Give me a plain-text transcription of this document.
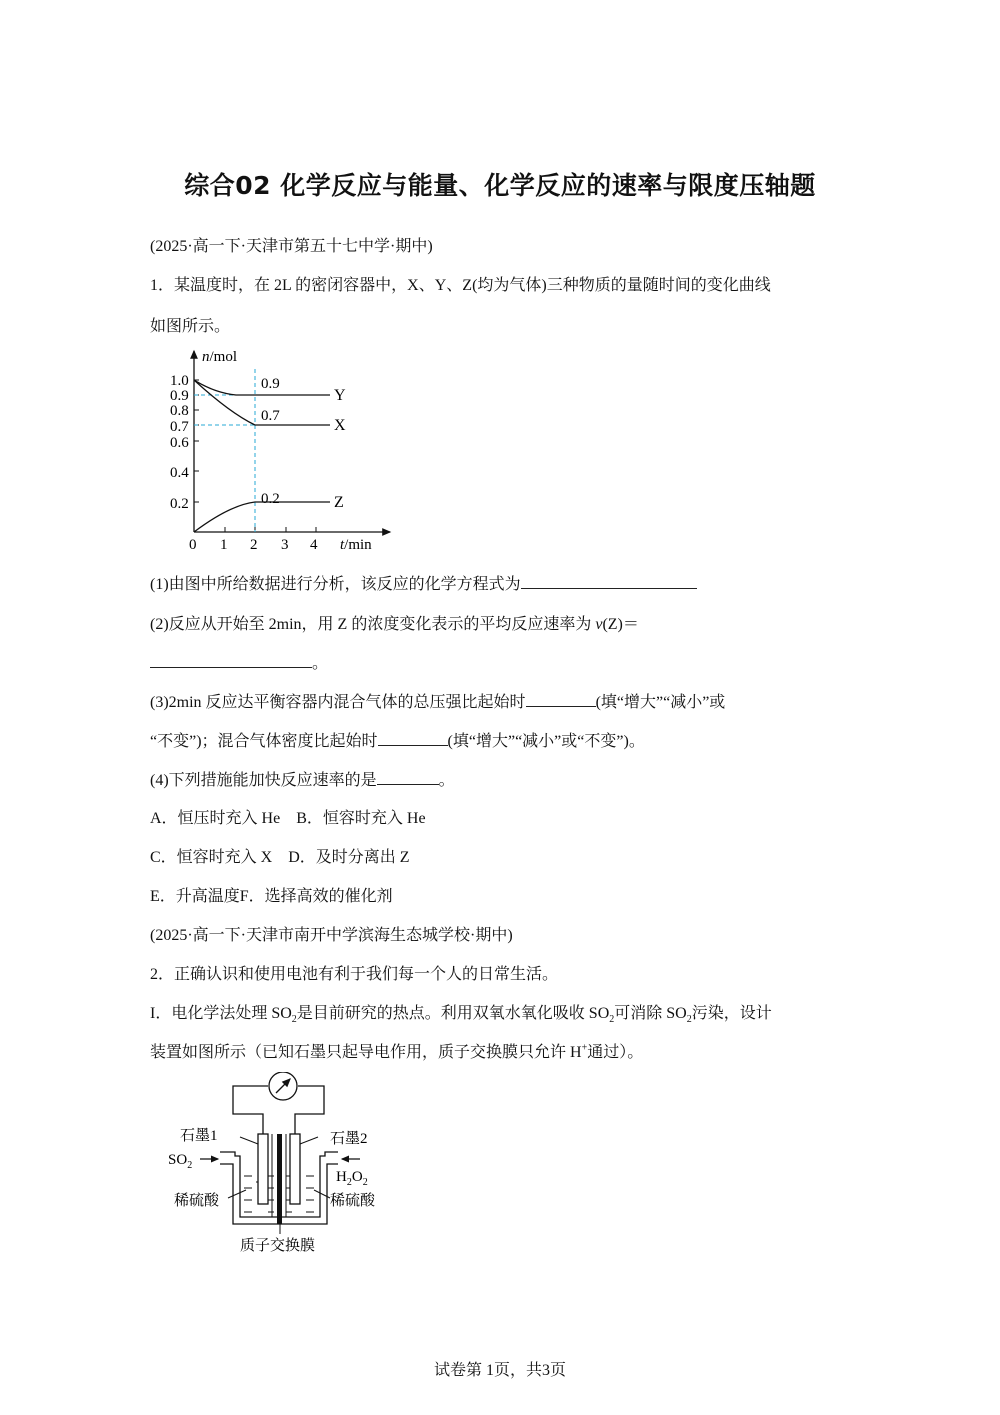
综合02 化学反应与能量、化学反应的速率与限度压轴题
(2025·高一下·天津市第五十七中学·期中)
1．某温度时，在 2L 的密闭容器中，X、Y、Z(均为气体)三种物质的量随时间的变化曲线
如图所示。
n/mol
t/min
1.0
0.9
0.8
0.7
0.6
0.4
0.2
0 1 2 3 4
0.9
0.7
0.2
Y
X
Z
(1)由图中所给数据进行分析，该反应的化学方程式为
(2)反应从开始至 2min，用 Z 的浓度变化表示的平均反应速率为 v(Z)＝
。
(3)2min 反应达平衡容器内混合气体的总压强比起始时	(填“增大”“减小”或
“不变”)；混合气体密度比起始时	(填“增大”“减小”或“不变”)。
(4)下列措施能加快反应速率的是	。
A．恒压时充入 He B．恒容时充入 He
C．恒容时充入 X D．及时分离出 Z
E．升高温度F．选择高效的催化剂
(2025·高一下·天津市南开中学滨海生态城学校·期中)
2．正确认识和使用电池有利于我们每一个人的日常生活。
I．电化学法处理 $SO_2$是目前研究的热点。利用双氧水氧化吸收 $SO_2$可消除 $SO_2$污染，设计
装置如图所示（已知石墨只起导电作用，质子交换膜只允许 H+通过）。
石墨1	石墨2
$SO_2$
$H_2O_2$
稀硫酸	稀硫酸
质子交换膜
试卷第 1页，共3页
